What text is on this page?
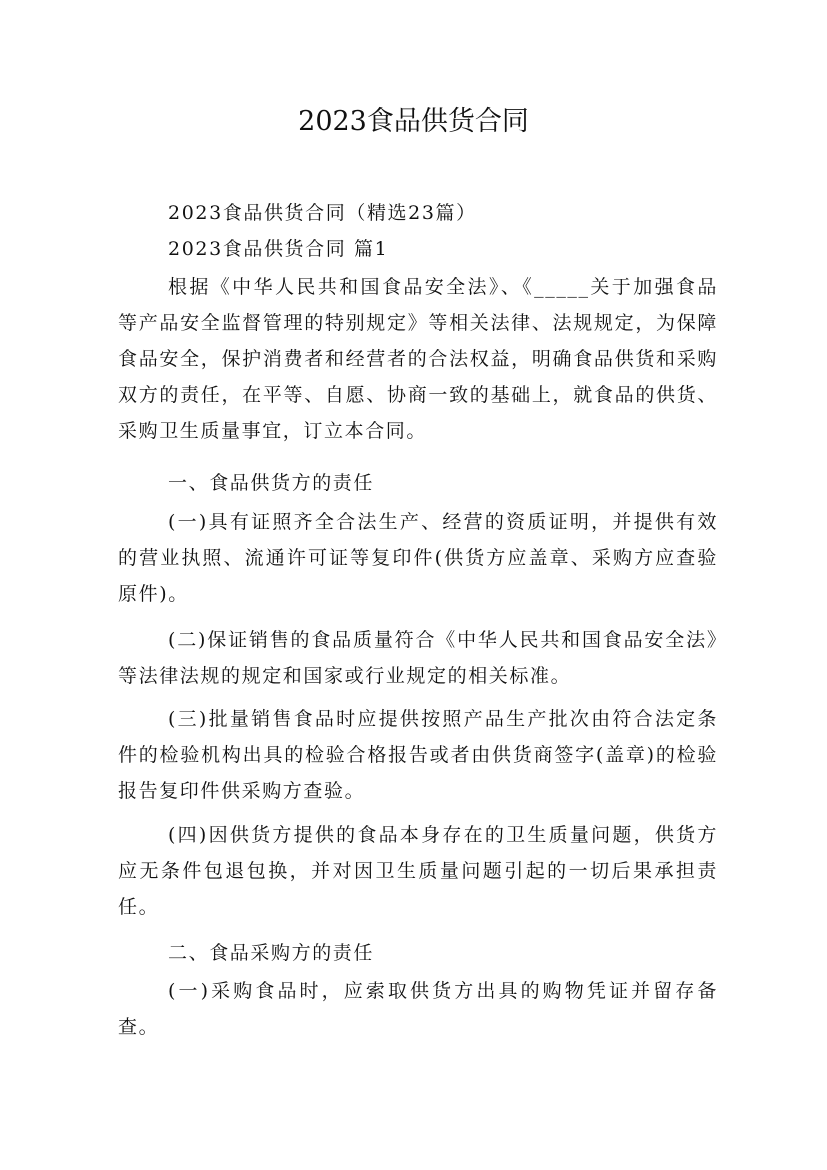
2023食品供货合同

2023食品供货合同（精选23篇）

2023食品供货合同 篇1

根据《中华人民共和国食品安全法》、《_____关于加强食品等产品安全监督管理的特别规定》等相关法律、法规规定，为保障食品安全，保护消费者和经营者的合法权益，明确食品供货和采购双方的责任，在平等、自愿、协商一致的基础上，就食品的供货、采购卫生质量事宜，订立本合同。

一、食品供货方的责任

(一)具有证照齐全合法生产、经营的资质证明，并提供有效的营业执照、流通许可证等复印件(供货方应盖章、采购方应查验原件)。

(二)保证销售的食品质量符合《中华人民共和国食品安全法》等法律法规的规定和国家或行业规定的相关标准。

(三)批量销售食品时应提供按照产品生产批次由符合法定条件的检验机构出具的检验合格报告或者由供货商签字(盖章)的检验报告复印件供采购方查验。

(四)因供货方提供的食品本身存在的卫生质量问题，供货方应无条件包退包换，并对因卫生质量问题引起的一切后果承担责任。

二、食品采购方的责任

(一)采购食品时，应索取供货方出具的购物凭证并留存备查。
